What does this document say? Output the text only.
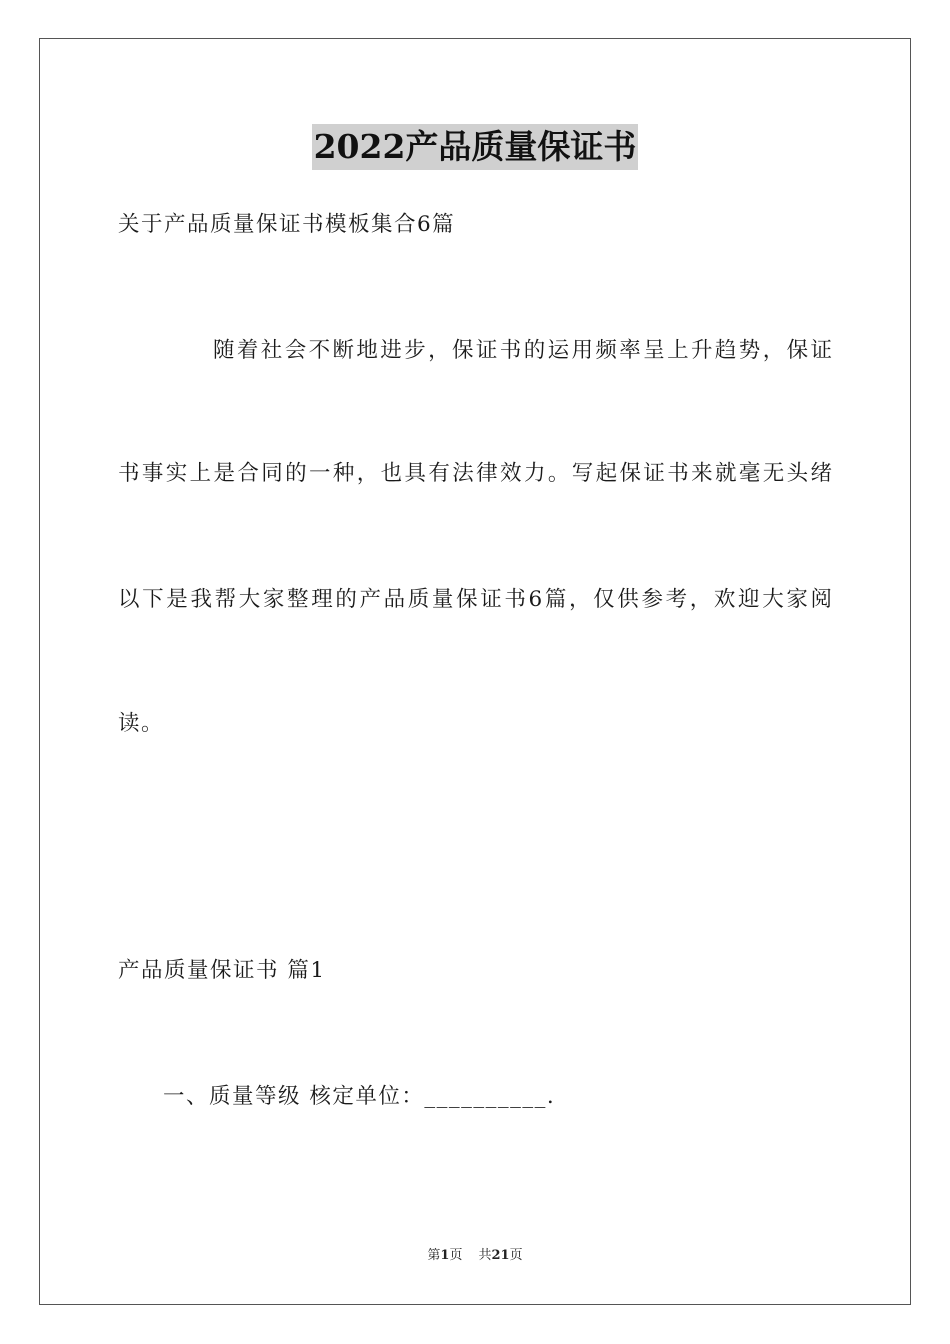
2022产品质量保证书
关于产品质量保证书模板集合6篇
随着社会不断地进步，保证书的运用频率呈上升趋势，保证
书事实上是合同的一种，也具有法律效力。写起保证书来就毫无头绪
以下是我帮大家整理的产品质量保证书6篇，仅供参考，欢迎大家阅
读。
产品质量保证书 篇1
一、质量等级 核定单位：__________.
第1页 共21页
